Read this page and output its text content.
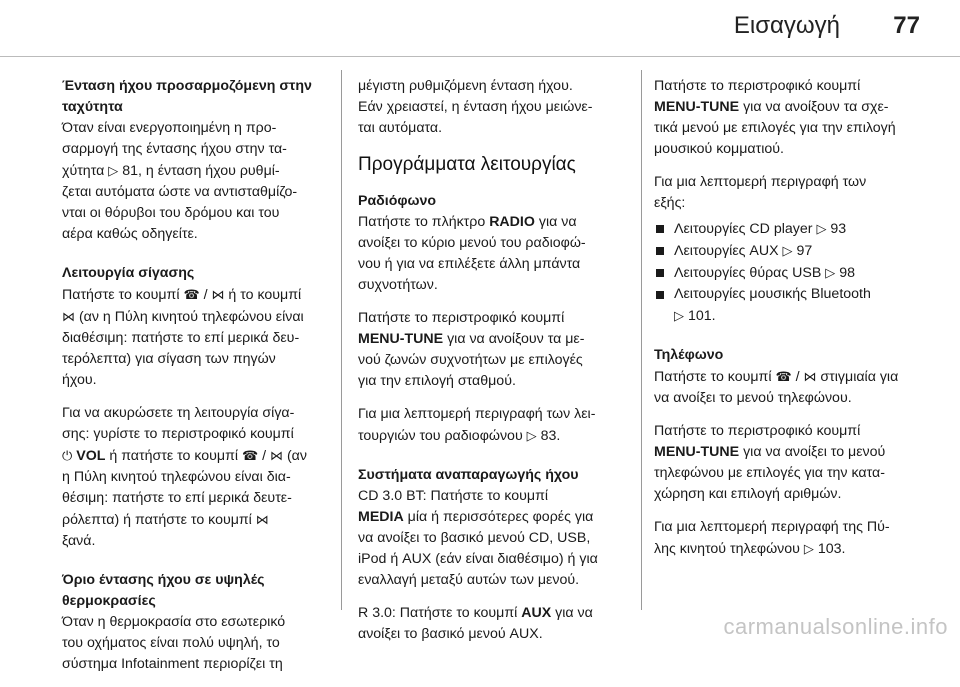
Εισαγωγή 77
Ένταση ήχου προσαρμοζόμενη στην
ταχύτητα
Όταν είναι ενεργοποιημένη η προ-
σαρμογή της έντασης ήχου στην τα-
χύτητα ▷ 81, η ένταση ήχου ρυθμί-
ζεται αυτόματα ώστε να αντισταθμίζο-
νται οι θόρυβοι του δρόμου και του
αέρα καθώς οδηγείτε.
Λειτουργία σίγασης
Πατήστε το κουμπί ☎ / ⋈ ή το κουμπί
⋈ (αν η Πύλη κινητού τηλεφώνου είναι
διαθέσιμη: πατήστε το επί μερικά δευ-
τερόλεπτα) για σίγαση των πηγών
ήχου.
Για να ακυρώσετε τη λειτουργία σίγα-
σης: γυρίστε το περιστροφικό κουμπί
⏻ VOL ή πατήστε το κουμπί ☎ / ⋈ (αν
η Πύλη κινητού τηλεφώνου είναι δια-
θέσιμη: πατήστε το επί μερικά δευτε-
ρόλεπτα) ή πατήστε το κουμπί ⋈
ξανά.
Όριο έντασης ήχου σε υψηλές
θερμοκρασίες
Όταν η θερμοκρασία στο εσωτερικό
του οχήματος είναι πολύ υψηλή, το
σύστημα Infotainment περιορίζει τη
μέγιστη ρυθμιζόμενη ένταση ήχου.
Εάν χρειαστεί, η ένταση ήχου μειώνε-
ται αυτόματα.
Προγράμματα λειτουργίας
Ραδιόφωνο
Πατήστε το πλήκτρο RADIO για να
ανοίξει το κύριο μενού του ραδιοφώ-
νου ή για να επιλέξετε άλλη μπάντα
συχνοτήτων.
Πατήστε το περιστροφικό κουμπί
MENU-TUNE για να ανοίξουν τα με-
νού ζωνών συχνοτήτων με επιλογές
για την επιλογή σταθμού.
Για μια λεπτομερή περιγραφή των λει-
τουργιών του ραδιοφώνου ▷ 83.
Συστήματα αναπαραγωγής ήχου
CD 3.0 BT: Πατήστε το κουμπί
MEDIA μία ή περισσότερες φορές για
να ανοίξει το βασικό μενού CD, USB,
iPod ή AUX (εάν είναι διαθέσιμο) ή για
εναλλαγή μεταξύ αυτών των μενού.
R 3.0: Πατήστε το κουμπί AUX για να
ανοίξει το βασικό μενού AUX.
Πατήστε το περιστροφικό κουμπί
MENU-TUNE για να ανοίξουν τα σχε-
τικά μενού με επιλογές για την επιλογή
μουσικού κομματιού.
Για μια λεπτομερή περιγραφή των
εξής:
Λειτουργίες CD player ▷ 93
Λειτουργίες AUX ▷ 97
Λειτουργίες θύρας USB ▷ 98
Λειτουργίες μουσικής Bluetooth
▷ 101.
Τηλέφωνο
Πατήστε το κουμπί ☎ / ⋈ στιγμιαία για
να ανοίξει το μενού τηλεφώνου.
Πατήστε το περιστροφικό κουμπί
MENU-TUNE για να ανοίξει το μενού
τηλεφώνου με επιλογές για την κατα-
χώρηση και επιλογή αριθμών.
Για μια λεπτομερή περιγραφή της Πύ-
λης κινητού τηλεφώνου ▷ 103.
carmanualsonline.info
